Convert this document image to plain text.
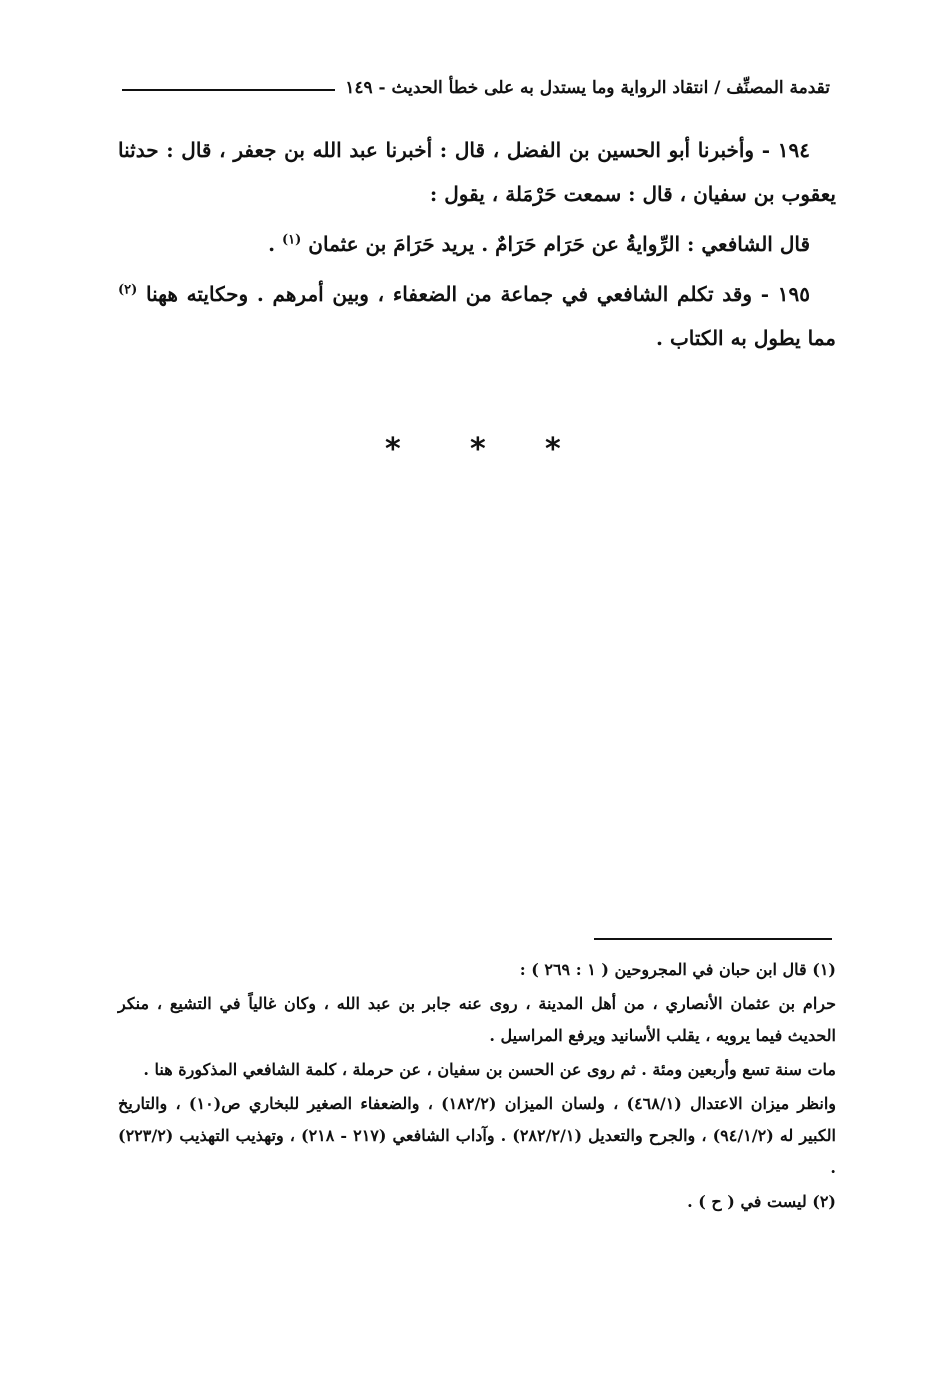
تقدمة المصنِّف / انتقاد الرواية وما يستدل به على خطأ الحديث - ١٤٩

١٩٤ - وأخبرنا أبو الحسين بن الفضل ، قال : أخبرنا عبد الله بن جعفر ، قال : حدثنا يعقوب بن سفيان ، قال : سمعت حَرْمَلة ، يقول :

قال الشافعي : الرِّوايةُ عن حَرَام حَرَامٌ . يريد حَرَامَ بن عثمان $^{(١)}$ .

١٩٥ - وقد تكلم الشافعي في جماعة من الضعفاء ، وبين أمرهم . وحكايته ههنا $^{(٢)}$ مما يطول به الكتاب .

* * *

(١) قال ابن حبان في المجروحين ( ١ : ٢٦٩ ) :

حرام بن عثمان الأنصاري ، من أهل المدينة ، روى عنه جابر بن عبد الله ، وكان غالياً في التشيع ، منكر الحديث فيما يرويه ، يقلب الأسانيد ويرفع المراسيل .

مات سنة تسع وأربعين ومئة . ثم روى عن الحسن بن سفيان ، عن حرملة ، كلمة الشافعي المذكورة هنا .

وانظر ميزان الاعتدال (٤٦٨/١) ، ولسان الميزان (١٨٢/٢) ، والضعفاء الصغير للبخاري ص(١٠) ، والتاريخ الكبير له (٩٤/١/٢) ، والجرح والتعديل (٢٨٢/٢/١) . وآداب الشافعي (٢١٧ - ٢١٨) ، وتهذيب التهذيب (٢٢٣/٢) .

(٢) ليست في ( ح ) .
